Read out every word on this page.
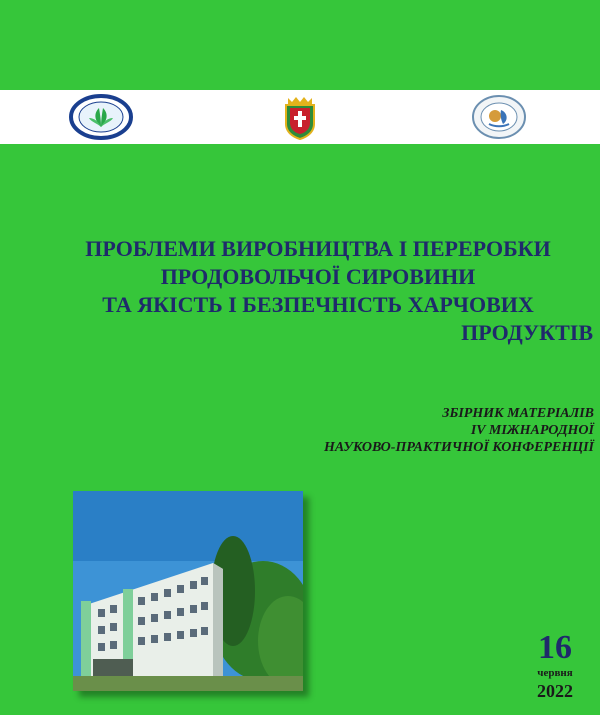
ПРОБЛЕМИ ВИРОБНИЦТВА І ПЕРЕРОБКИ
ПРОДОВОЛЬЧОЇ СИРОВИНИ
ТА ЯКІСТЬ І БЕЗПЕЧНІСТЬ ХАРЧОВИХ
ПРОДУКТІВ
ЗБІРНИК МАТЕРІАЛІВ
IV МІЖНАРОДНОЇ
НАУКОВО-ПРАКТИЧНОЇ КОНФЕРЕНЦІЇ
16
червня
2022
